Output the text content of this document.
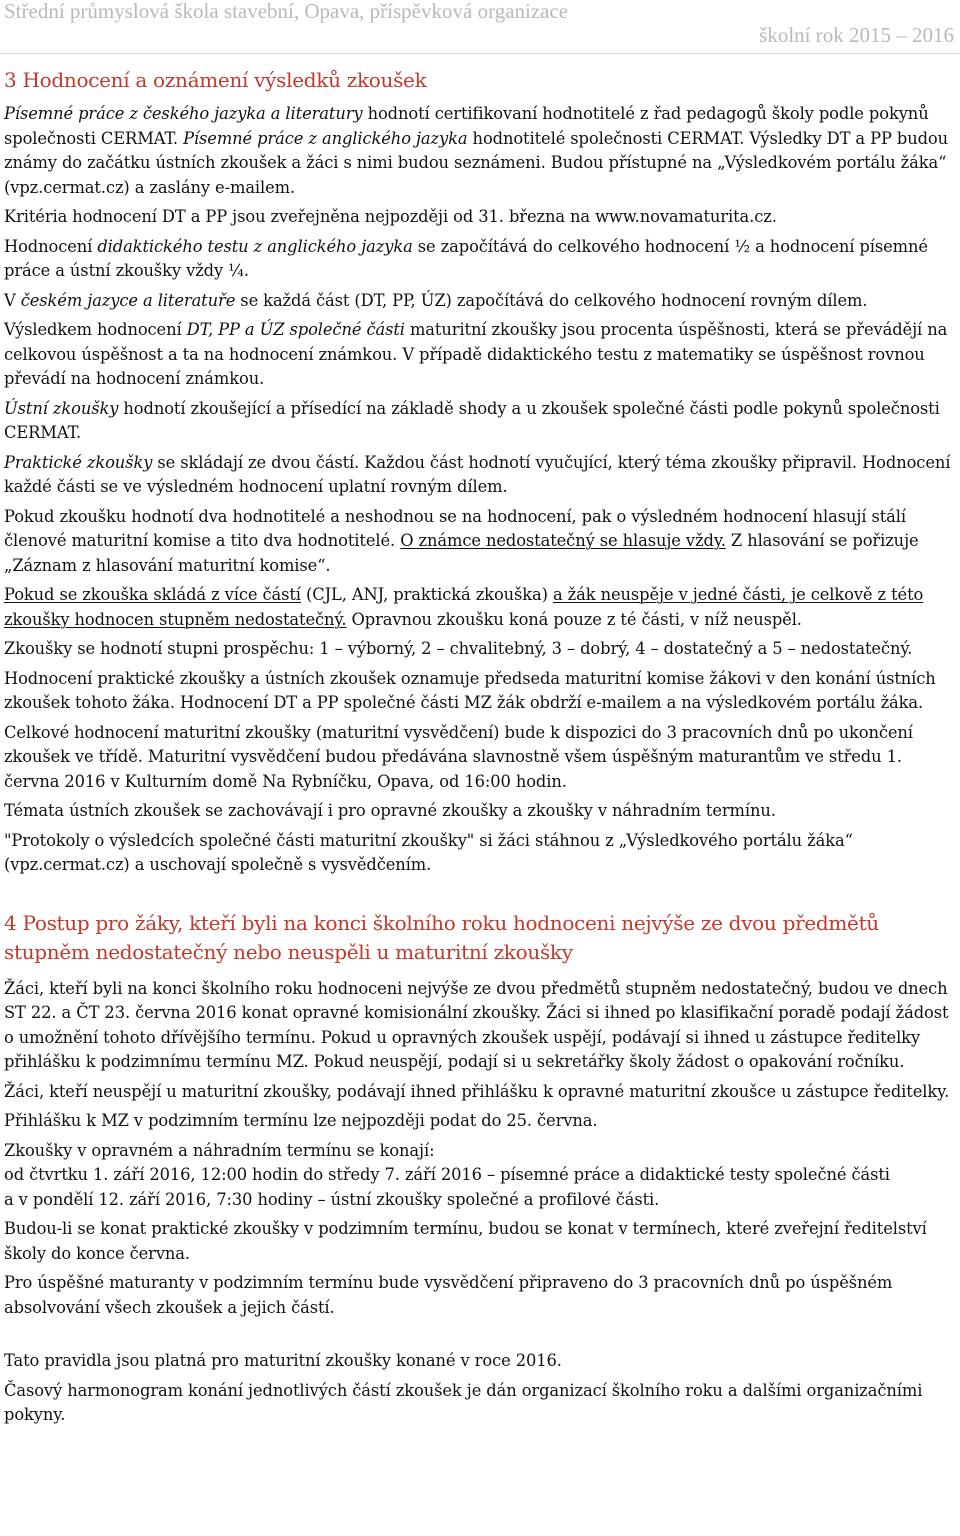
Střední průmyslová škola stavební, Opava, příspěvková organizace
školní rok 2015 – 2016
3 Hodnocení a oznámení výsledků zkoušek

Písemné práce z českého jazyka a literatury hodnotí certifikovaní hodnotitelé z řad pedagogů školy podle pokynů společnosti CERMAT. Písemné práce z anglického jazyka hodnotitelé společnosti CERMAT. Výsledky DT a PP budou známy do začátku ústních zkoušek a žáci s nimi budou seznámeni. Budou přístupné na „Výsledkovém portálu žáka“ (vpz.cermat.cz) a zaslány e-mailem.

Kritéria hodnocení DT a PP jsou zveřejněna nejpozději od 31. března na www.novamaturita.cz.

Hodnocení didaktického testu z anglického jazyka se započítává do celkového hodnocení ½ a hodnocení písemné práce a ústní zkoušky vždy ¼.

V českém jazyce a literatuře se každá část (DT, PP, ÚZ) započítává do celkového hodnocení rovným dílem.

Výsledkem hodnocení DT, PP a ÚZ společné části maturitní zkoušky jsou procenta úspěšnosti, která se převádějí na celkovou úspěšnost a ta na hodnocení známkou. V případě didaktického testu z matematiky se úspěšnost rovnou převádí na hodnocení známkou.

Ústní zkoušky hodnotí zkoušející a přísedící na základě shody a u zkoušek společné části podle pokynů společnosti CERMAT.

Praktické zkoušky se skládají ze dvou částí. Každou část hodnotí vyučující, který téma zkoušky připravil. Hodnocení každé části se ve výsledném hodnocení uplatní rovným dílem.

Pokud zkoušku hodnotí dva hodnotitelé a neshodnou se na hodnocení, pak o výsledném hodnocení hlasují stálí členové maturitní komise a tito dva hodnotitelé. O známce nedostatečný se hlasuje vždy. Z hlasování se pořizuje „Záznam z hlasování maturitní komise“.

Pokud se zkouška skládá z více částí (CJL, ANJ, praktická zkouška) a žák neuspěje v jedné části, je celkově z této zkoušky hodnocen stupněm nedostatečný. Opravnou zkoušku koná pouze z té části, v níž neuspěl.

Zkoušky se hodnotí stupni prospěchu: 1 – výborný, 2 – chvalitebný, 3 – dobrý, 4 – dostatečný a 5 – nedostatečný.

Hodnocení praktické zkoušky a ústních zkoušek oznamuje předseda maturitní komise žákovi v den konání ústních zkoušek tohoto žáka. Hodnocení DT a PP společné části MZ žák obdrží e-mailem a na výsledkovém portálu žáka.

Celkové hodnocení maturitní zkoušky (maturitní vysvědčení) bude k dispozici do 3 pracovních dnů po ukončení zkoušek ve třídě. Maturitní vysvědčení budou předávána slavnostně všem úspěšným maturantům ve středu 1. června 2016 v Kulturním domě Na Rybníčku, Opava, od 16:00 hodin.

Témata ústních zkoušek se zachovávají i pro opravné zkoušky a zkoušky v náhradním termínu.

"Protokoly o výsledcích společné části maturitní zkoušky" si žáci stáhnou z „Výsledkového portálu žáka“ (vpz.cermat.cz) a uschovají společně s vysvědčením.

4 Postup pro žáky, kteří byli na konci školního roku hodnoceni nejvýše ze dvou předmětů stupněm nedostatečný nebo neuspěli u maturitní zkoušky

Žáci, kteří byli na konci školního roku hodnoceni nejvýše ze dvou předmětů stupněm nedostatečný, budou ve dnech ST 22. a ČT 23. června 2016 konat opravné komisionální zkoušky. Žáci si ihned po klasifikační poradě podají žádost o umožnění tohoto dřívějšího termínu. Pokud u opravných zkoušek uspějí, podávají si ihned u zástupce ředitelky přihlášku k podzimnímu termínu MZ. Pokud neuspějí, podají si u sekretářky školy žádost o opakování ročníku.

Žáci, kteří neuspějí u maturitní zkoušky, podávají ihned přihlášku k opravné maturitní zkoušce u zástupce ředitelky.

Přihlášku k MZ v podzimním termínu lze nejpozději podat do 25. června.

Zkoušky v opravném a náhradním termínu se konají:
od čtvrtku 1. září 2016, 12:00 hodin do středy 7. září 2016 – písemné práce a didaktické testy společné části
a v pondělí 12. září 2016, 7:30 hodiny – ústní zkoušky společné a profilové části.

Budou-li se konat praktické zkoušky v podzimním termínu, budou se konat v termínech, které zveřejní ředitelství školy do konce června.

Pro úspěšné maturanty v podzimním termínu bude vysvědčení připraveno do 3 pracovních dnů po úspěšném absolvování všech zkoušek a jejich částí.

Tato pravidla jsou platná pro maturitní zkoušky konané v roce 2016.

Časový harmonogram konání jednotlivých částí zkoušek je dán organizací školního roku a dalšími organizačními pokyny.
